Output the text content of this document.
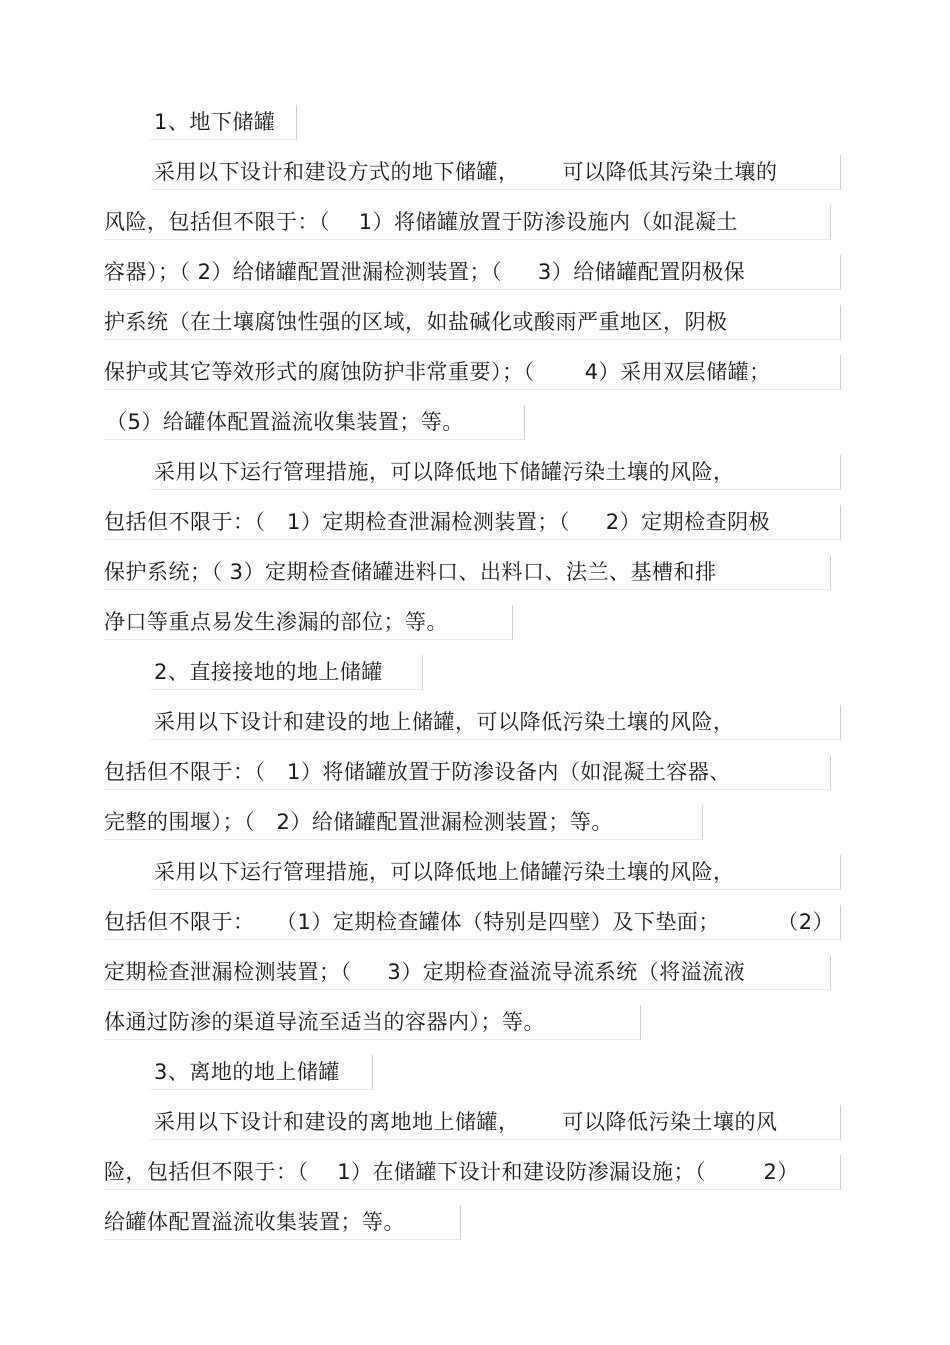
1、地下储罐
采用以下设计和建设方式的地下储罐，      可以降低其污染土壤的
风险，包括但不限于：（    1）将储罐放置于防渗设施内（如混凝土
容器）；（ 2）给储罐配置泄漏检测装置；（     3）给储罐配置阴极保
护系统（在土壤腐蚀性强的区域，如盐碱化或酸雨严重地区，阴极
保护或其它等效形式的腐蚀防护非常重要）；（       4）采用双层储罐；
（5）给罐体配置溢流收集装置；等。
采用以下运行管理措施，可以降低地下储罐污染土壤的风险，
包括但不限于：（   1）定期检查泄漏检测装置；（     2）定期检查阴极
保护系统；（ 3）定期检查储罐进料口、出料口、法兰、基槽和排
净口等重点易发生渗漏的部位；等。
2、直接接地的地上储罐
采用以下设计和建设的地上储罐，可以降低污染土壤的风险，
包括但不限于：（   1）将储罐放置于防渗设备内（如混凝土容器、
完整的围堰）；（   2）给储罐配置泄漏检测装置；等。
采用以下运行管理措施，可以降低地上储罐污染土壤的风险，
包括但不限于：   （1）定期检查罐体（特别是四壁）及下垫面；        （2）
定期检查泄漏检测装置；（     3）定期检查溢流导流系统（将溢流液
体通过防渗的渠道导流至适当的容器内）；等。
3、离地的地上储罐
采用以下设计和建设的离地地上储罐，      可以降低污染土壤的风
险，包括但不限于：（    1）在储罐下设计和建设防渗漏设施；（        2）
给罐体配置溢流收集装置；等。
